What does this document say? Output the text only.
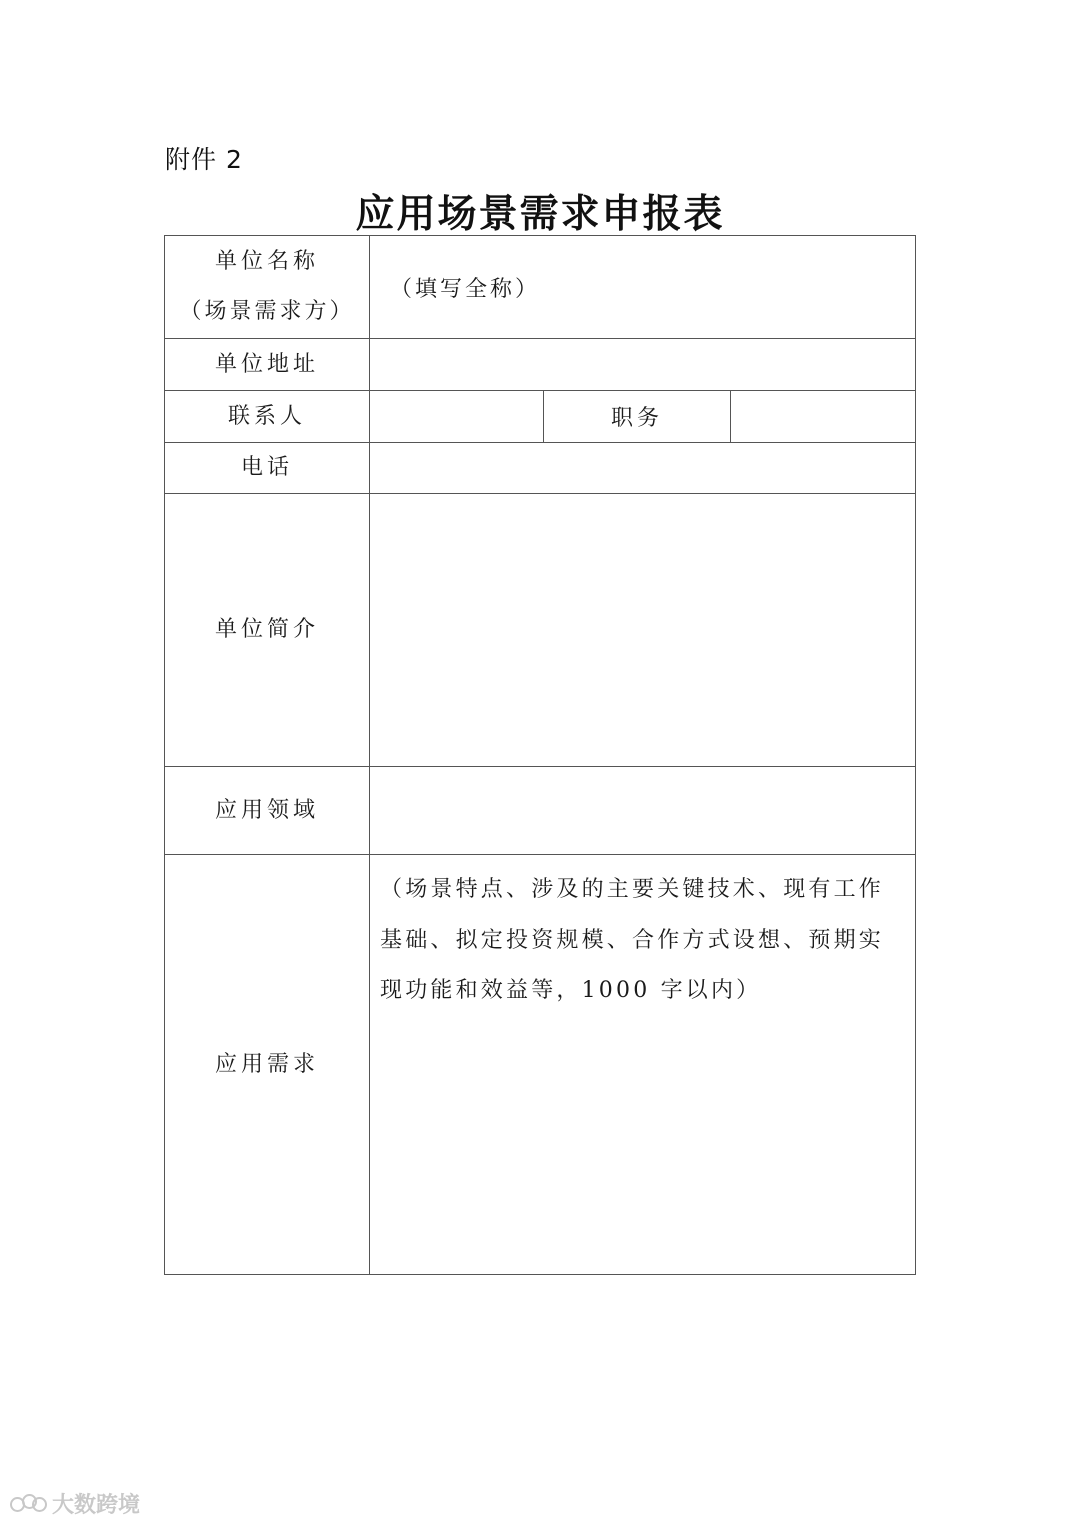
附件 2
应用场景需求申报表
单位名称
（场景需求方）
（填写全称）
单位地址
联系人	职务
电话
单位简介
应用领域
应用需求
（场景特点、涉及的主要关键技术、现有工作基础、拟定投资规模、合作方式设想、预期实现功能和效益等，1000 字以内）
大数跨境
